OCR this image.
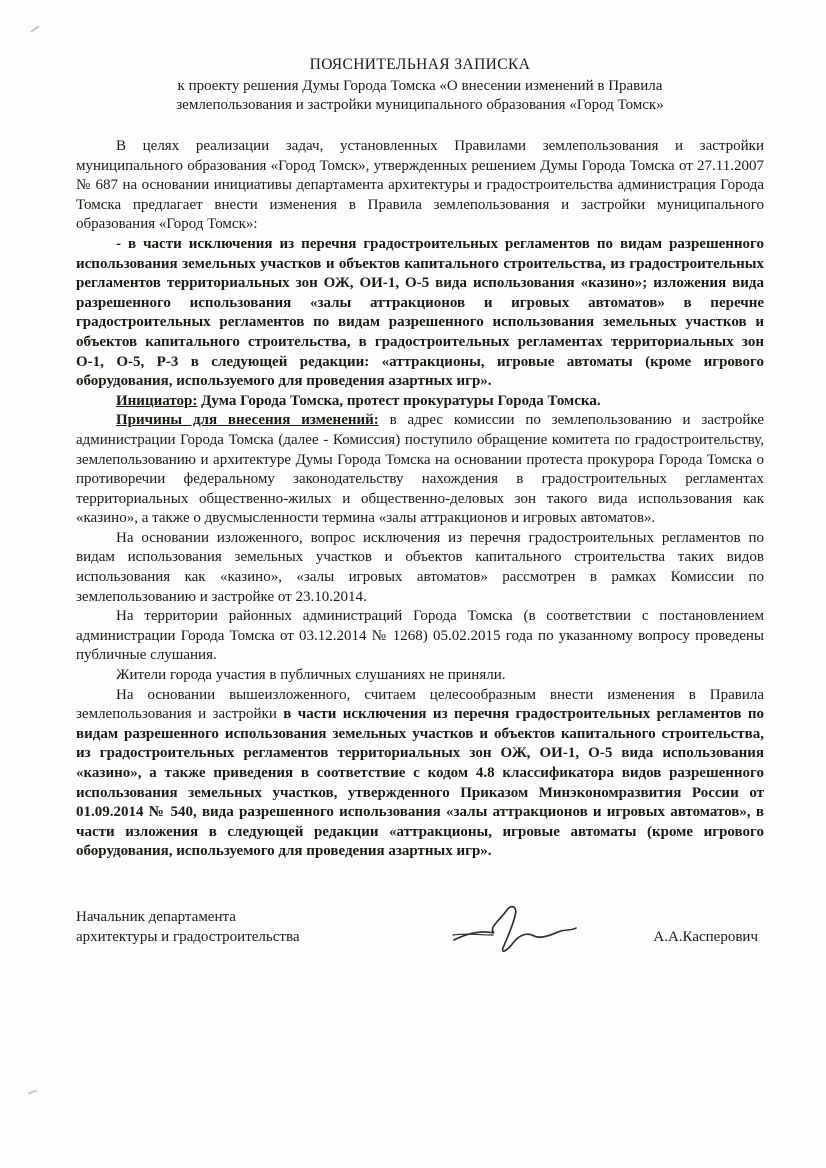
ПОЯСНИТЕЛЬНАЯ ЗАПИСКА
к проекту решения Думы Города Томска «О внесении изменений в Правила
землепользования и застройки муниципального образования «Город Томск»

В целях реализации задач, установленных Правилами землепользования и застройки муниципального образования «Город Томск», утвержденных решением Думы Города Томска от 27.11.2007 № 687 на основании инициативы департамента архитектуры и градостроительства администрация Города Томска предлагает внести изменения в Правила землепользования и застройки муниципального образования «Город Томск»:

- в части исключения из перечня градостроительных регламентов по видам разрешенного использования земельных участков и объектов капитального строительства, из градостроительных регламентов территориальных зон ОЖ, ОИ-1, О-5 вида использования «казино»; изложения вида разрешенного использования «залы аттракционов и игровых автоматов» в перечне градостроительных регламентов по видам разрешенного использования земельных участков и объектов капитального строительства, в градостроительных регламентах территориальных зон О-1, О-5, Р-3 в следующей редакции: «аттракционы, игровые автоматы (кроме игрового оборудования, используемого для проведения азартных игр».

Инициатор: Дума Города Томска, протест прокуратуры Города Томска.

Причины для внесения изменений: в адрес комиссии по землепользованию и застройке администрации Города Томска (далее - Комиссия) поступило обращение комитета по градостроительству, землепользованию и архитектуре Думы Города Томска на основании протеста прокурора Города Томска о противоречии федеральному законодательству нахождения в градостроительных регламентах территориальных общественно-жилых и общественно-деловых зон такого вида использования как «казино», а также о двусмысленности термина «залы аттракционов и игровых автоматов».

На основании изложенного, вопрос исключения из перечня градостроительных регламентов по видам использования земельных участков и объектов капитального строительства таких видов использования как «казино», «залы игровых автоматов» рассмотрен в рамках Комиссии по землепользованию и застройке от 23.10.2014.

На территории районных администраций Города Томска (в соответствии с постановлением администрации Города Томска от 03.12.2014 № 1268) 05.02.2015 года по указанному вопросу проведены публичные слушания.

Жители города участия в публичных слушаниях не приняли.

На основании вышеизложенного, считаем целесообразным внести изменения в Правила землепользования и застройки в части исключения из перечня градостроительных регламентов по видам разрешенного использования земельных участков и объектов капитального строительства, из градостроительных регламентов территориальных зон ОЖ, ОИ-1, О-5 вида использования «казино», а также приведения в соответствие с кодом 4.8 классификатора видов разрешенного использования земельных участков, утвержденного Приказом Минэкономразвития России от 01.09.2014 № 540, вида разрешенного использования «залы аттракционов и игровых автоматов», в части изложения в следующей редакции «аттракционы, игровые автоматы (кроме игрового оборудования, используемого для проведения азартных игр».

Начальник департамента
архитектуры и градостроительства	А.А.Касперович
